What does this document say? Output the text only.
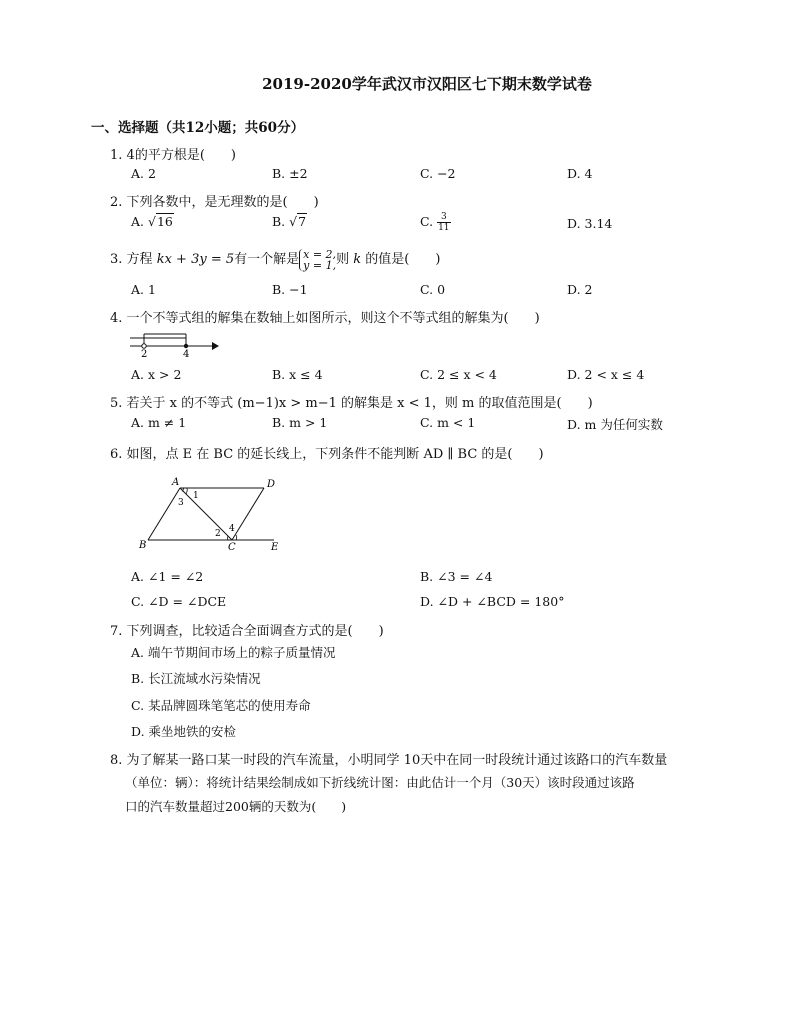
2019-2020学年武汉市汉阳区七下期末数学试卷
一、选择题（共12小题；共60分）
1. 4的平方根是(　　)
A. 2	B. ±2	C. −2	D. 4
2. 下列各数中，是无理数的是(　　)
A. √16	B. √7	C. $\frac{3}{11}$	D. 3.14
3. 方程 kx + 3y = 5有一个解是 x = 2,
y = 1, 则 k 的值是(　　)
A. 1	B. −1	C. 0	D. 2
4. 一个不等式组的解集在数轴上如图所示，则这个不等式组的解集为(　　)
2	4
A. x > 2	B. x ≤ 4	C. 2 ≤ x < 4	D. 2 < x ≤ 4
5. 若关于 x 的不等式 (m−1)x > m−1 的解集是 x < 1，则 m 的取值范围是(　　)
A. m ≠ 1	B. m > 1	C. m < 1	D. m 为任何实数
6. 如图，点 E 在 BC 的延长线上，下列条件不能判断 AD ∥ BC 的是(　　)
A	D
B	C	E
1
2
3
4
A. ∠1 = ∠2	B. ∠3 = ∠4
C. ∠D = ∠DCE	D. ∠D + ∠BCD = 180°
7. 下列调查，比较适合全面调查方式的是(　　)
A. 端午节期间市场上的粽子质量情况
B. 长江流域水污染情况
C. 某品牌圆珠笔笔芯的使用寿命
D. 乘坐地铁的安检
8. 为了解某一路口某一时段的汽车流量，小明同学 10天中在同一时段统计通过该路口的汽车数量
（单位：辆）：将统计结果绘制成如下折线统计图：由此估计一个月（30天）该时段通过该路
口的汽车数量超过200辆的天数为(　　)
